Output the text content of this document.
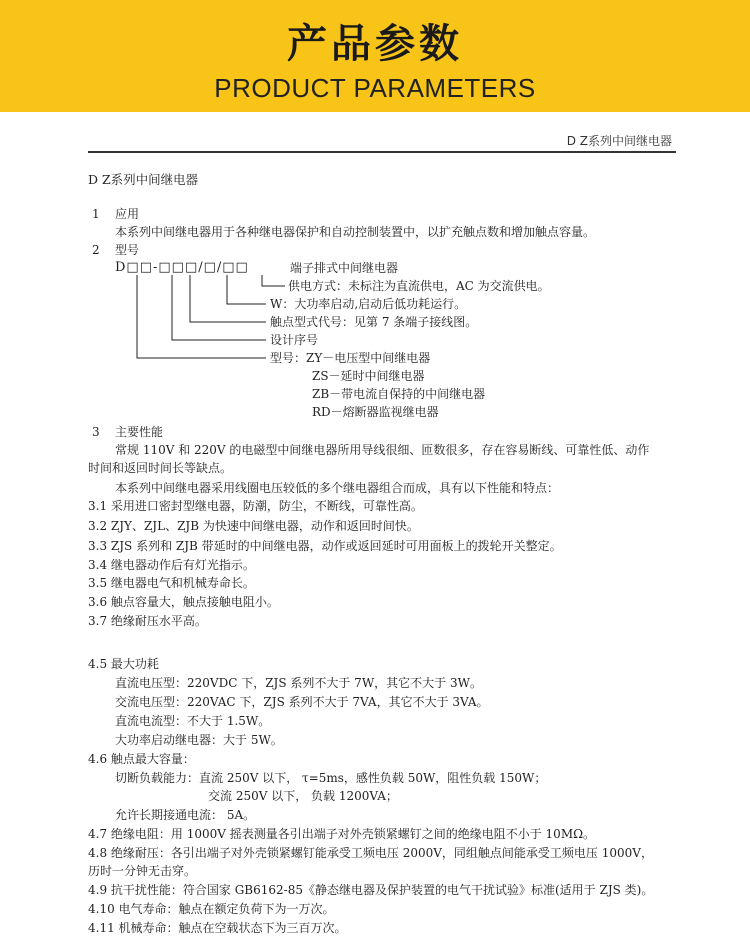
产品参数
PRODUCT PARAMETERS
D Z系列中间继电器
D Z系列中间继电器
1 应用
本系列中间继电器用于各种继电器保护和自动控制装置中，以扩充触点数和增加触点容量。
2 型号
D□□-□□□/□/□□	端子排式中间继电器
供电方式：未标注为直流供电，AC 为交流供电。
W：大功率启动,启动后低功耗运行。
触点型式代号：见第 7 条端子接线图。
设计序号
型号：ZY－电压型中间继电器
ZS－延时中间继电器
ZB－带电流自保持的中间继电器
RD－熔断器监视继电器
3 主要性能
常规 110V 和 220V 的电磁型中间继电器所用导线很细、匝数很多，存在容易断线、可靠性低、动作
时间和返回时间长等缺点。
本系列中间继电器采用线圈电压较低的多个继电器组合而成，具有以下性能和特点：
3.1 采用进口密封型继电器，防潮，防尘，不断线，可靠性高。
3.2 ZJY、ZJL、ZJB 为快速中间继电器，动作和返回时间快。
3.3 ZJS 系列和 ZJB 带延时的中间继电器，动作或返回延时可用面板上的拨轮开关整定。
3.4 继电器动作后有灯光指示。
3.5 继电器电气和机械寿命长。
3.6 触点容量大，触点接触电阻小。
3.7 绝缘耐压水平高。
4.5 最大功耗
直流电压型：220VDC 下，ZJS 系列不大于 7W，其它不大于 3W。
交流电压型：220VAC 下，ZJS 系列不大于 7VA，其它不大于 3VA。
直流电流型：不大于 1.5W。
大功率启动继电器：大于 5W。
4.6 触点最大容量：
切断负载能力：直流 250V 以下， τ=5ms，感性负载 50W，阻性负载 150W；
交流 250V 以下， 负载 1200VA；
允许长期接通电流： 5A。
4.7 绝缘电阻：用 1000V 摇表测量各引出端子对外壳锁紧螺钉之间的绝缘电阻不小于 10MΩ。
4.8 绝缘耐压：各引出端子对外壳锁紧螺钉能承受工频电压 2000V，同组触点间能承受工频电压 1000V，
历时一分钟无击穿。
4.9 抗干扰性能：符合国家 GB6162-85《静态继电器及保护装置的电气干扰试验》标准(适用于 ZJS 类)。
4.10 电气寿命：触点在额定负荷下为一万次。
4.11 机械寿命：触点在空载状态下为三百万次。
